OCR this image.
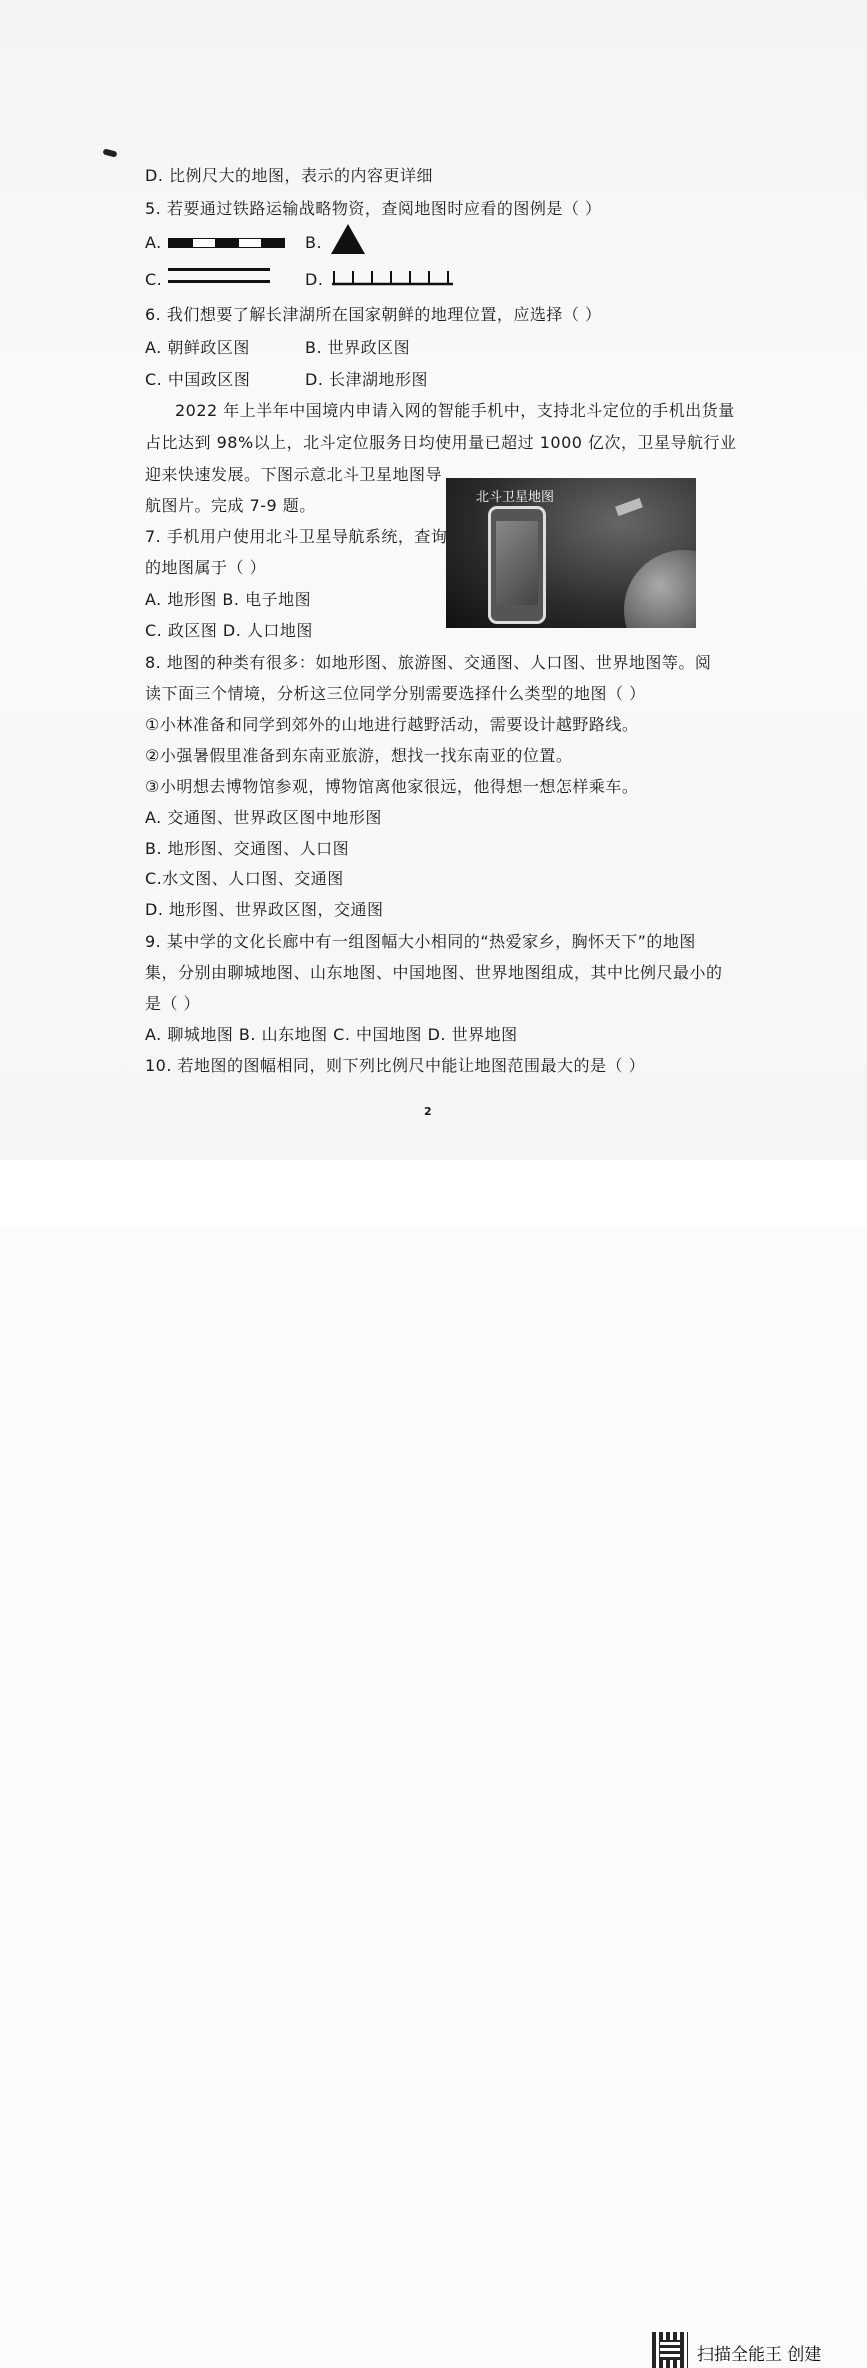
D. 比例尺大的地图，表示的内容更详细
5. 若要通过铁路运输战略物资，查阅地图时应看的图例是（ ）
A.	B.
C.	D.
6. 我们想要了解长津湖所在国家朝鲜的地理位置，应选择（ ）
A. 朝鲜政区图	B. 世界政区图
C. 中国政区图	D. 长津湖地形图
2022 年上半年中国境内申请入网的智能手机中，支持北斗定位的手机出货量
占比达到 98%以上，北斗定位服务日均使用量已超过 1000 亿次，卫星导航行业
迎来快速发展。下图示意北斗卫星地图导
航图片。完成 7-9 题。	北斗卫星地图
7. 手机用户使用北斗卫星导航系统，查询
的地图属于（ ）
A. 地形图 B. 电子地图
C. 政区图 D. 人口地图
8. 地图的种类有很多：如地形图、旅游图、交通图、人口图、世界地图等。阅
读下面三个情境，分析这三位同学分别需要选择什么类型的地图（ ）
①小林准备和同学到郊外的山地进行越野活动，需要设计越野路线。
②小强暑假里准备到东南亚旅游，想找一找东南亚的位置。
③小明想去博物馆参观，博物馆离他家很远，他得想一想怎样乘车。
A. 交通图、世界政区图中地形图
B. 地形图、交通图、人口图
C.水文图、人口图、交通图
D. 地形图、世界政区图，交通图
9. 某中学的文化长廊中有一组图幅大小相同的“热爱家乡，胸怀天下”的地图
集，分别由聊城地图、山东地图、中国地图、世界地图组成，其中比例尺最小的
是（ ）
A. 聊城地图 B. 山东地图 C. 中国地图 D. 世界地图
10. 若地图的图幅相同，则下列比例尺中能让地图范围最大的是（ ）
2
扫描全能王 创建
